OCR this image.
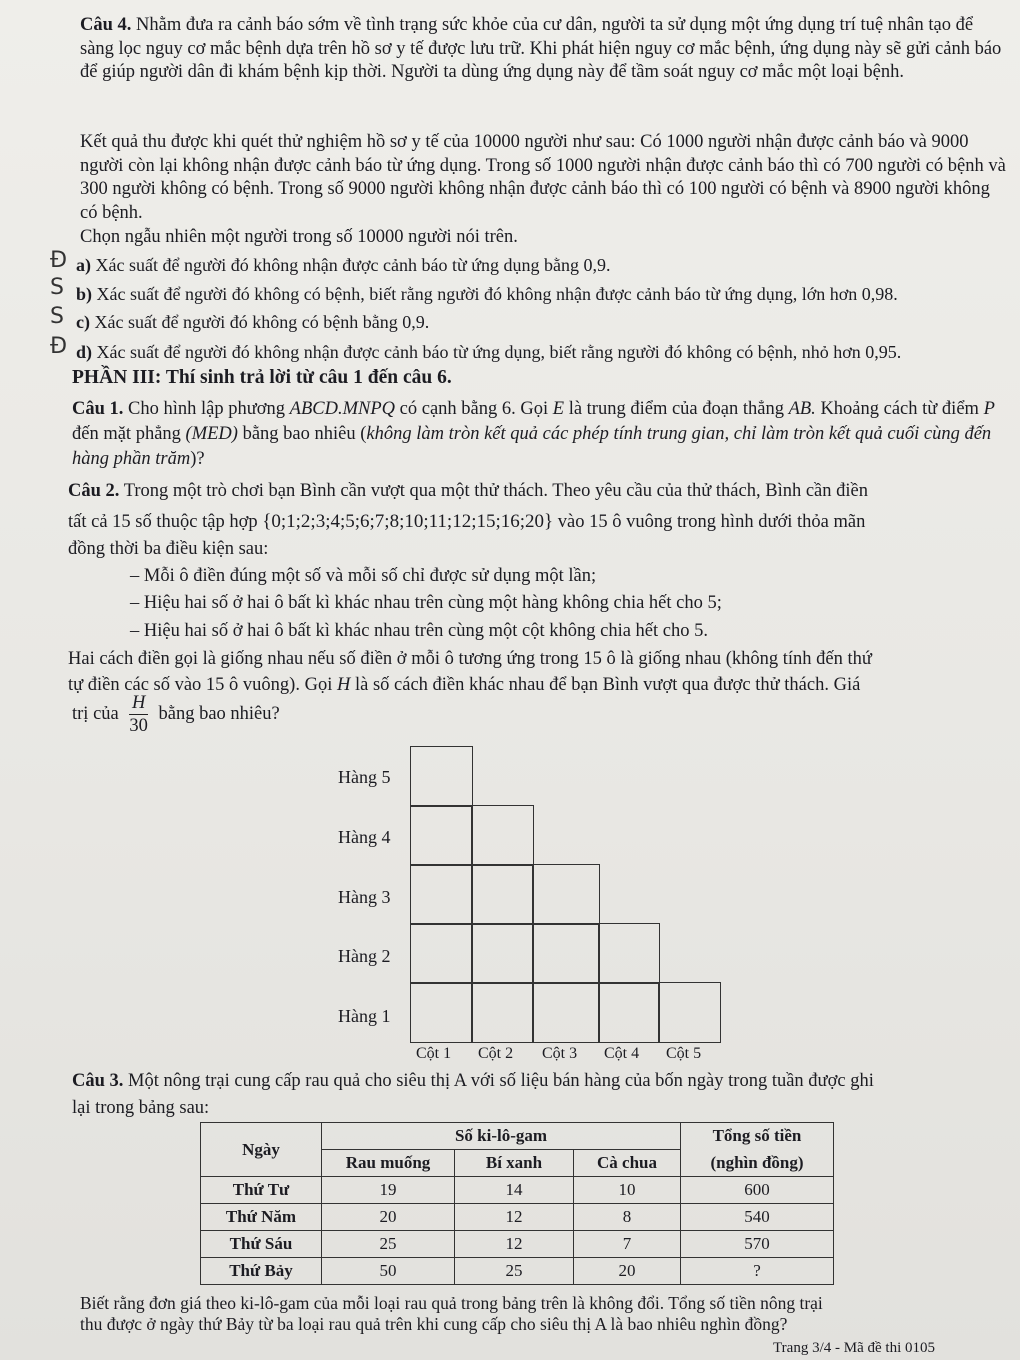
Câu 4. Nhằm đưa ra cảnh báo sớm về tình trạng sức khỏe của cư dân, người ta sử dụng một ứng dụng trí tuệ nhân tạo để sàng lọc nguy cơ mắc bệnh dựa trên hồ sơ y tế được lưu trữ. Khi phát hiện nguy cơ mắc bệnh, ứng dụng này sẽ gửi cảnh báo để giúp người dân đi khám bệnh kịp thời. Người ta dùng ứng dụng này để tầm soát nguy cơ mắc một loại bệnh.
Kết quả thu được khi quét thử nghiệm hồ sơ y tế của 10000 người như sau: Có 1000 người nhận được cảnh báo và 9000 người còn lại không nhận được cảnh báo từ ứng dụng. Trong số 1000 người nhận được cảnh báo thì có 700 người có bệnh và 300 người không có bệnh. Trong số 9000 người không nhận được cảnh báo thì có 100 người có bệnh và 8900 người không có bệnh.
Chọn ngẫu nhiên một người trong số 10000 người nói trên.
Đ a) Xác suất để người đó không nhận được cảnh báo từ ứng dụng bằng 0,9.
S b) Xác suất để người đó không có bệnh, biết rằng người đó không nhận được cảnh báo từ ứng dụng, lớn hơn 0,98.
S c) Xác suất để người đó không có bệnh bằng 0,9.
Đ d) Xác suất để người đó không nhận được cảnh báo từ ứng dụng, biết rằng người đó không có bệnh, nhỏ hơn 0,95.
PHẦN III: Thí sinh trả lời từ câu 1 đến câu 6.
Câu 1. Cho hình lập phương ABCD.MNPQ có cạnh bằng 6. Gọi E là trung điểm của đoạn thẳng AB. Khoảng cách từ điểm P đến mặt phẳng (MED) bằng bao nhiêu (không làm tròn kết quả các phép tính trung gian, chỉ làm tròn kết quả cuối cùng đến hàng phần trăm)?
Câu 2. Trong một trò chơi bạn Bình cần vượt qua một thử thách. Theo yêu cầu của thử thách, Bình cần điền
tất cả 15 số thuộc tập hợp {0;1;2;3;4;5;6;7;8;10;11;12;15;16;20} vào 15 ô vuông trong hình dưới thỏa mãn
đồng thời ba điều kiện sau:
– Mỗi ô điền đúng một số và mỗi số chỉ được sử dụng một lần;
– Hiệu hai số ở hai ô bất kì khác nhau trên cùng một hàng không chia hết cho 5;
– Hiệu hai số ở hai ô bất kì khác nhau trên cùng một cột không chia hết cho 5.
Hai cách điền gọi là giống nhau nếu số điền ở mỗi ô tương ứng trong 15 ô là giống nhau (không tính đến thứ
tự điền các số vào 15 ô vuông). Gọi H là số cách điền khác nhau để bạn Bình vượt qua được thử thách. Giá
trị của $\frac{H}{30}$ bằng bao nhiêu?
Hàng 5
Hàng 4
Hàng 3
Hàng 2
Hàng 1
Cột 1 Cột 2 Cột 3 Cột 4 Cột 5
Câu 3. Một nông trại cung cấp rau quả cho siêu thị A với số liệu bán hàng của bốn ngày trong tuần được ghi
lại trong bảng sau:
Ngày	Số ki-lô-gam			Tổng số tiền
	Rau muống	Bí xanh	Cà chua	(nghìn đồng)
Thứ Tư	19	14	10	600
Thứ Năm	20	12	8	540
Thứ Sáu	25	12	7	570
Thứ Bảy	50	25	20	?
Biết rằng đơn giá theo ki-lô-gam của mỗi loại rau quả trong bảng trên là không đổi. Tổng số tiền nông trại
thu được ở ngày thứ Bảy từ ba loại rau quả trên khi cung cấp cho siêu thị A là bao nhiêu nghìn đồng?
Trang 3/4 - Mã đề thi 0105
